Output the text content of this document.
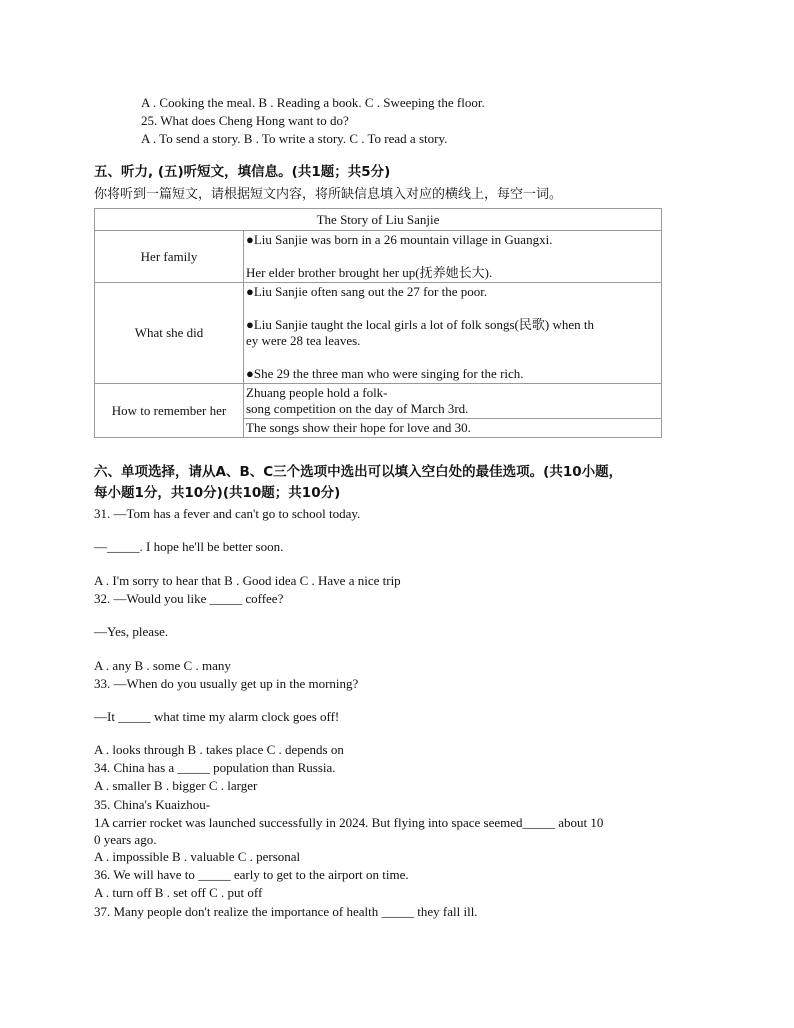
A . Cooking the meal. B . Reading a book. C . Sweeping the floor.
25. What does Cheng Hong want to do?
A . To send a story. B . To write a story. C . To read a story.
五、听力, (五)听短文，填信息。(共1题；共5分)
你将听到一篇短文，请根据短文内容，将所缺信息填入对应的横线上，每空一词。
The Story of Liu Sanjie	
Her family	●Liu Sanjie was born in a 26 mountain village in Guangxi.

Her elder brother brought her up(抚养她长大).

What she did	●Liu Sanjie often sang out the 27 for the poor.

●Liu Sanjie taught the local girls a lot of folk songs(民歌) when th

ey were 28 tea leaves.

●She 29 the three man who were singing for the rich.

How to remember her	Zhuang people hold a folk-

song competition on the day of March 3rd.

	The songs show their hope for love and 30.

六、单项选择，请从A、B、C三个选项中选出可以填入空白处的最佳选项。(共10小题，
每小题1分，共10分)(共10题；共10分)
31. —Tom has a fever and can't go to school today.
—_____. I hope he'll be better soon.
A . I'm sorry to hear that B . Good idea C . Have a nice trip
32. —Would you like _____ coffee?
—Yes, please.
A . any B . some C . many
33. —When do you usually get up in the morning?
—It _____ what time my alarm clock goes off!
A . looks through B . takes place C . depends on
34. China has a _____ population than Russia.
A . smaller B . bigger C . larger
35. China's Kuaizhou-
1A carrier rocket was launched successfully in 2024. But flying into space seemed_____ about 10
0 years ago.
A . impossible B . valuable C . personal
36. We will have to _____ early to get to the airport on time.
A . turn off B . set off C . put off
37. Many people don't realize the importance of health _____ they fall ill.
